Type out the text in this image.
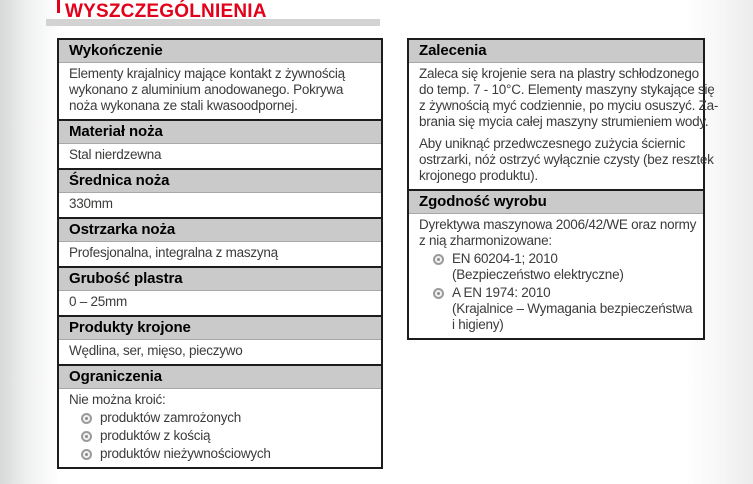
WYSZCZEGÓLNIENIA
Wykończenie
Elementy krajalnicy mające kontakt z żywnością
wykonano z aluminium anodowanego. Pokrywa
noża wykonana ze stali kwasoodpornej.
Materiał noża
Stal nierdzewna
Średnica noża
330mm
Ostrzarka noża
Profesjonalna, integralna z maszyną
Grubość plastra
0 – 25mm
Produkty krojone
Wędlina, ser, mięso, pieczywo
Ograniczenia
Nie można kroić:
produktów zamrożonych
produktów z kością
produktów nieżywnościowych
Zalecenia
Zaleca się krojenie sera na plastry schłodzonego
do temp. 7 - 10°C. Elementy maszyny stykające się
z żywnością myć codziennie, po myciu osuszyć. Za-
brania się mycia całej maszyny strumieniem wody.
Aby uniknąć przedwczesnego zużycia ściernic
ostrzarki, nóż ostrzyć wyłącznie czysty (bez resztek
krojonego produktu).
Zgodność wyrobu
Dyrektywa maszynowa 2006/42/WE oraz normy
z nią zharmonizowane:
EN 60204-1; 2010
(Bezpieczeństwo elektryczne)
A EN 1974: 2010
(Krajalnice – Wymagania bezpieczeństwa
i higieny)
